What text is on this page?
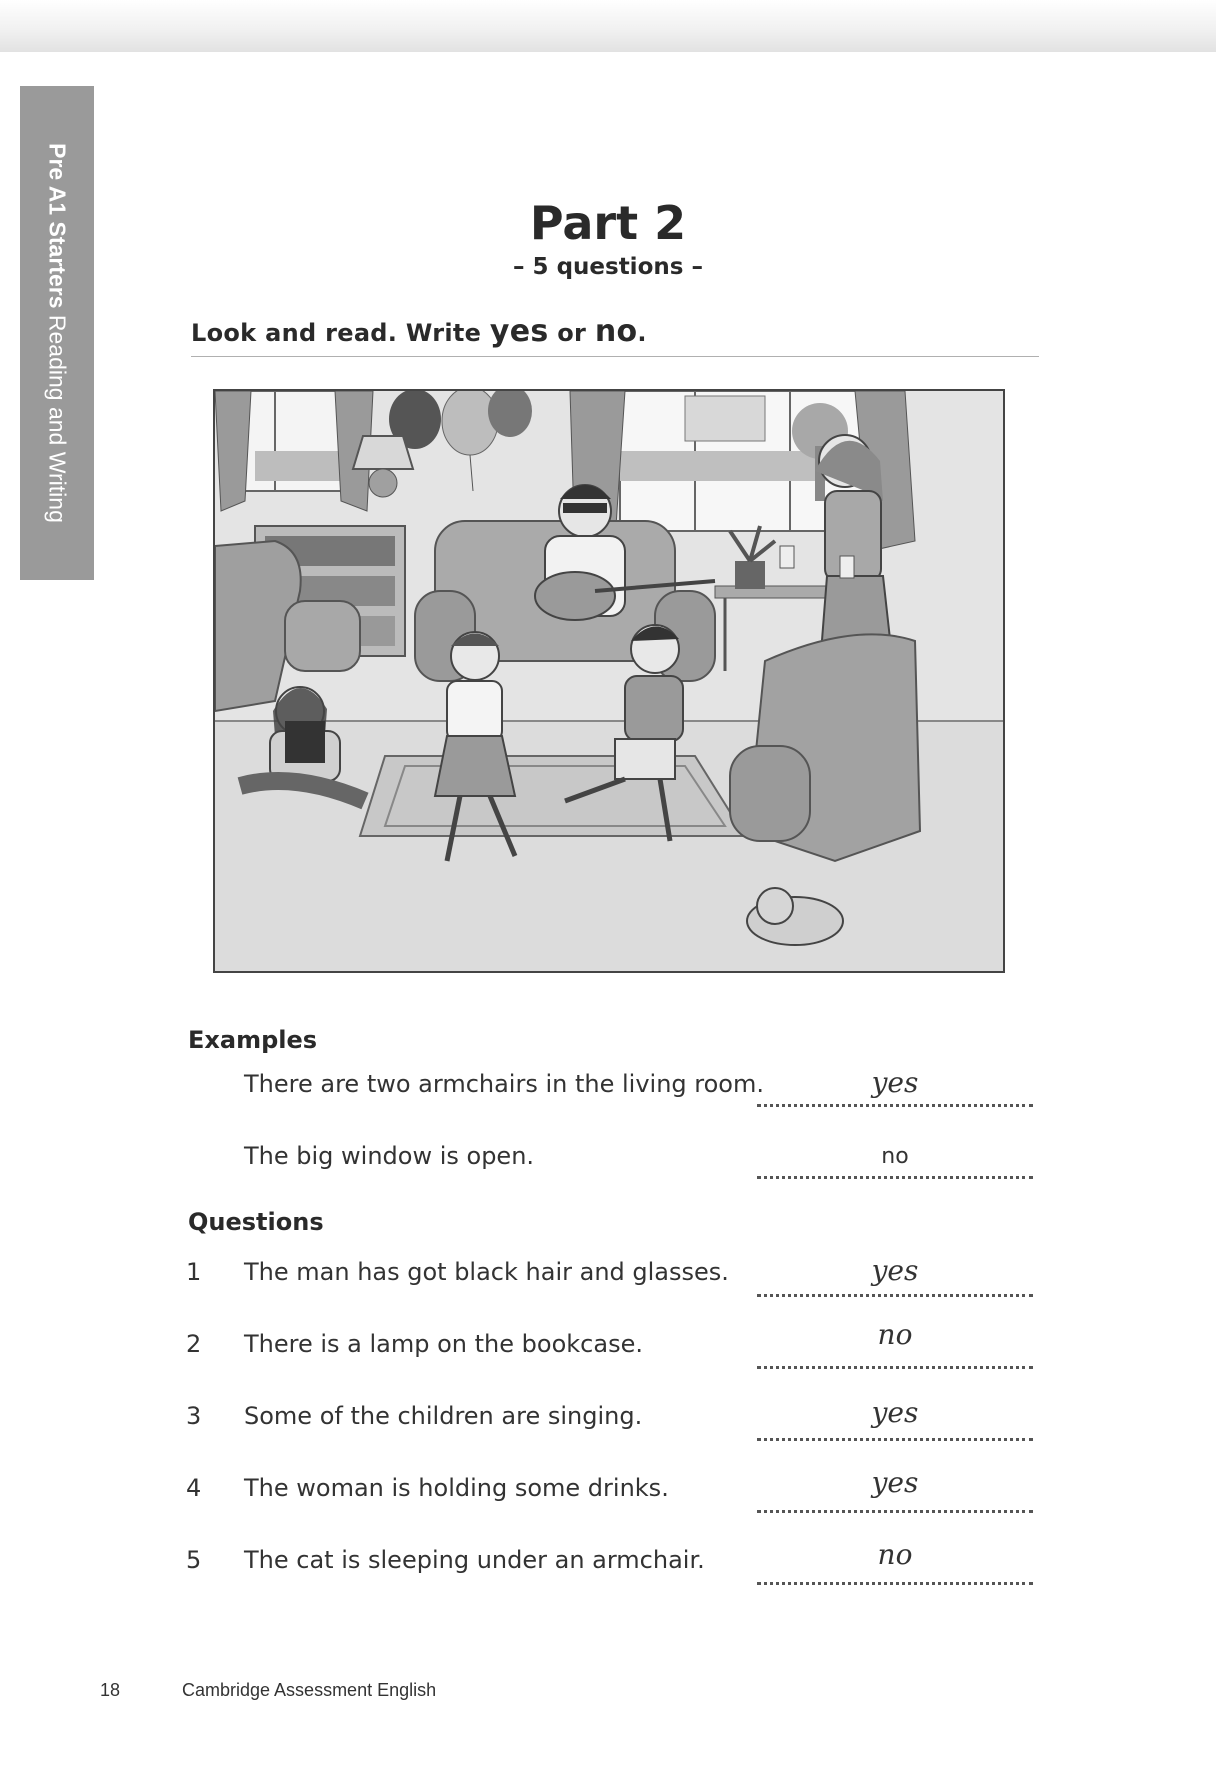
Pre A1 Starters Reading and Writing
Part 2
– 5 questions –
Look and read. Write yes or no.
Examples
There are two armchairs in the living room.	yes
The big window is open.	no
Questions
1 The man has got black hair and glasses.	yes
2 There is a lamp on the bookcase.	no
3 Some of the children are singing.	yes
4 The woman is holding some drinks.	yes
5 The cat is sleeping under an armchair.	no
18	Cambridge Assessment English
